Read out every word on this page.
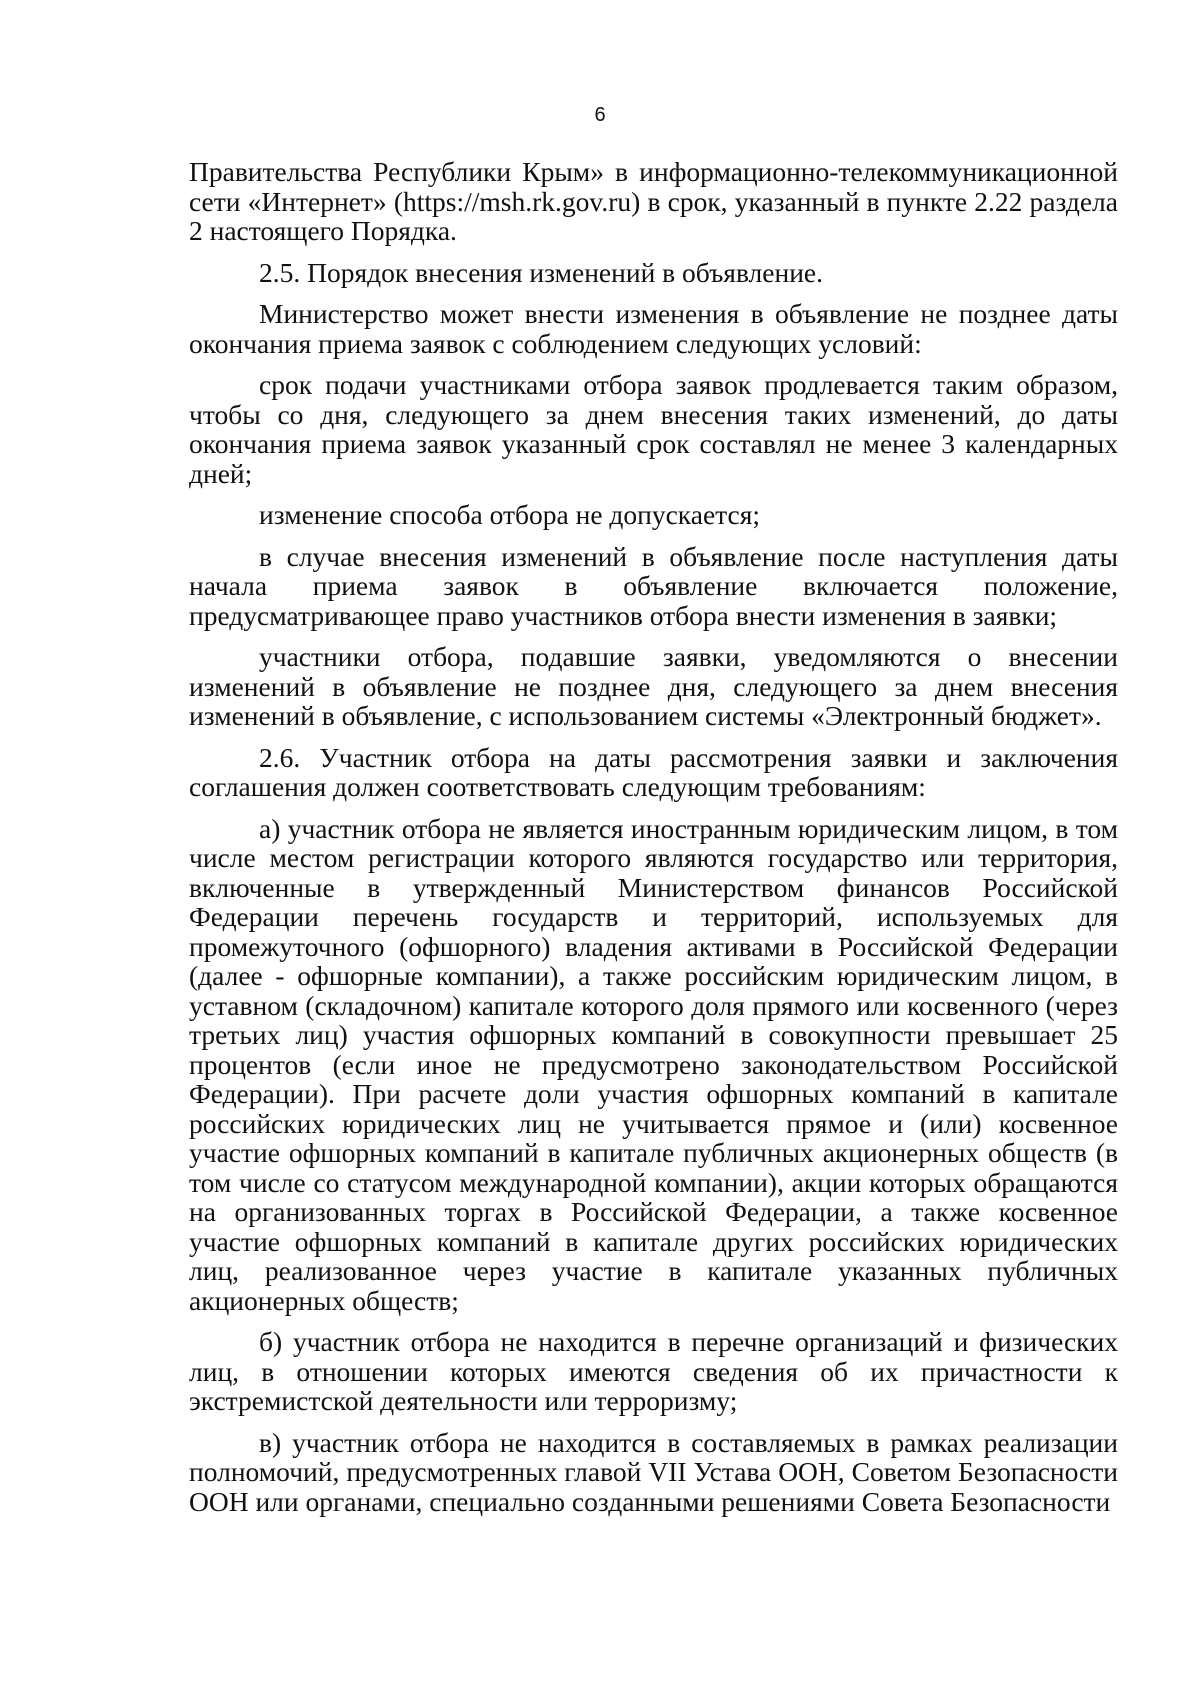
6

Правительства Республики Крым» в информационно-телекоммуникационной сети «Интернет» (https://msh.rk.gov.ru) в срок, указанный в пункте 2.22 раздела 2 настоящего Порядка.

2.5. Порядок внесения изменений в объявление.

Министерство может внести изменения в объявление не позднее даты окончания приема заявок с соблюдением следующих условий:

срок подачи участниками отбора заявок продлевается таким образом, чтобы со дня, следующего за днем внесения таких изменений, до даты окончания приема заявок указанный срок составлял не менее 3 календарных дней;

изменение способа отбора не допускается;

в случае внесения изменений в объявление после наступления даты начала приема заявок в объявление включается положение, предусматривающее право участников отбора внести изменения в заявки;

участники отбора, подавшие заявки, уведомляются о внесении изменений в объявление не позднее дня, следующего за днем внесения изменений в объявление, с использованием системы «Электронный бюджет».

2.6. Участник отбора на даты рассмотрения заявки и заключения соглашения должен соответствовать следующим требованиям:

а) участник отбора не является иностранным юридическим лицом, в том числе местом регистрации которого являются государство или территория, включенные в утвержденный Министерством финансов Российской Федерации перечень государств и территорий, используемых для промежуточного (офшорного) владения активами в Российской Федерации (далее - офшорные компании), а также российским юридическим лицом, в уставном (складочном) капитале которого доля прямого или косвенного (через третьих лиц) участия офшорных компаний в совокупности превышает 25 процентов (если иное не предусмотрено законодательством Российской Федерации). При расчете доли участия офшорных компаний в капитале российских юридических лиц не учитывается прямое и (или) косвенное участие офшорных компаний в капитале публичных акционерных обществ (в том числе со статусом международной компании), акции которых обращаются на организованных торгах в Российской Федерации, а также косвенное участие офшорных компаний в капитале других российских юридических лиц, реализованное через участие в капитале указанных публичных акционерных обществ;

б) участник отбора не находится в перечне организаций и физических лиц, в отношении которых имеются сведения об их причастности к экстремистской деятельности или терроризму;

в) участник отбора не находится в составляемых в рамках реализации полномочий, предусмотренных главой VII Устава ООН, Советом Безопасности ООН или органами, специально созданными решениями Совета Безопасности
